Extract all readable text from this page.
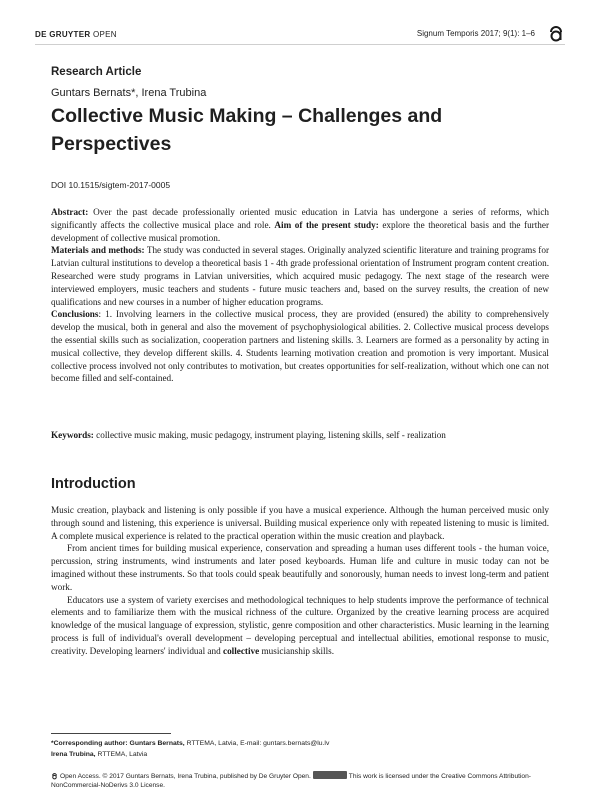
DE GRUYTER OPEN	Signum Temporis 2017; 9(1): 1–6
Research Article
Guntars Bernats*, Irena Trubina
Collective Music Making – Challenges and Perspectives
DOI 10.1515/sigtem-2017-0005
Abstract: Over the past decade professionally oriented music education in Latvia has undergone a series of reforms, which significantly affects the collective musical place and role. Aim of the present study: explore the theoretical basis and the further development of collective musical promotion.
Materials and methods: The study was conducted in several stages. Originally analyzed scientific literature and training programs for Latvian cultural institutions to develop a theoretical basis 1 - 4th grade professional orientation of Instrument program content creation. Researched were study programs in Latvian universities, which acquired music pedagogy. The next stage of the research were interviewed employers, music teachers and students - future music teachers and, based on the survey results, the creation of new qualifications and new courses in a number of higher education programs.
Conclusions: 1. Involving learners in the collective musical process, they are provided (ensured) the ability to comprehensively develop the musical, both in general and also the movement of psychophysiological abilities. 2. Collective musical process develops the essential skills such as socialization, cooperation partners and listening skills. 3. Learners are formed as a personality by acting in musical collective, they develop different skills. 4. Students learning motivation creation and promotion is very important. Musical collective process involved not only contributes to motivation, but creates opportunities for self-realization, without which one can not become filled and self-contained.
Keywords: collective music making, music pedagogy, instrument playing, listening skills, self - realization
Introduction

Music creation, playback and listening is only possible if you have a musical experience. Although the human perceived music only through sound and listening, this experience is universal. Building musical experience only with repeated listening to music is limited. A complete musical experience is related to the practical operation within the music creation and playback.

From ancient times for building musical experience, conservation and spreading a human uses different tools - the human voice, percussion, string instruments, wind instruments and later posed keyboards. Human life and culture in music today can not be imagined without these instruments. So that tools could speak beautifully and sonorously, human needs to invest long-term and patient work.

Educators use a system of variety exercises and methodological techniques to help students improve the performance of technical elements and to familiarize them with the musical richness of the culture. Organized by the creative learning process are acquired knowledge of the musical language of expression, stylistic, genre composition and other characteristics. Music learning in the learning process is full of individual's overall development – developing perceptual and intellectual abilities, emotional response to music, creativity. Developing learners' individual and collective musicianship skills.

*Corresponding author: Guntars Bernats, RTTEMA, Latvia, E-mail: guntars.bernats@lu.lv
Irena Trubina, RTTEMA, Latvia
Open Access. © 2017 Guntars Bernats, Irena Trubina, published by De Gruyter Open.	This work is licensed under the Creative Commons Attribution-NonCommercial-NoDerivs 3.0 License.
